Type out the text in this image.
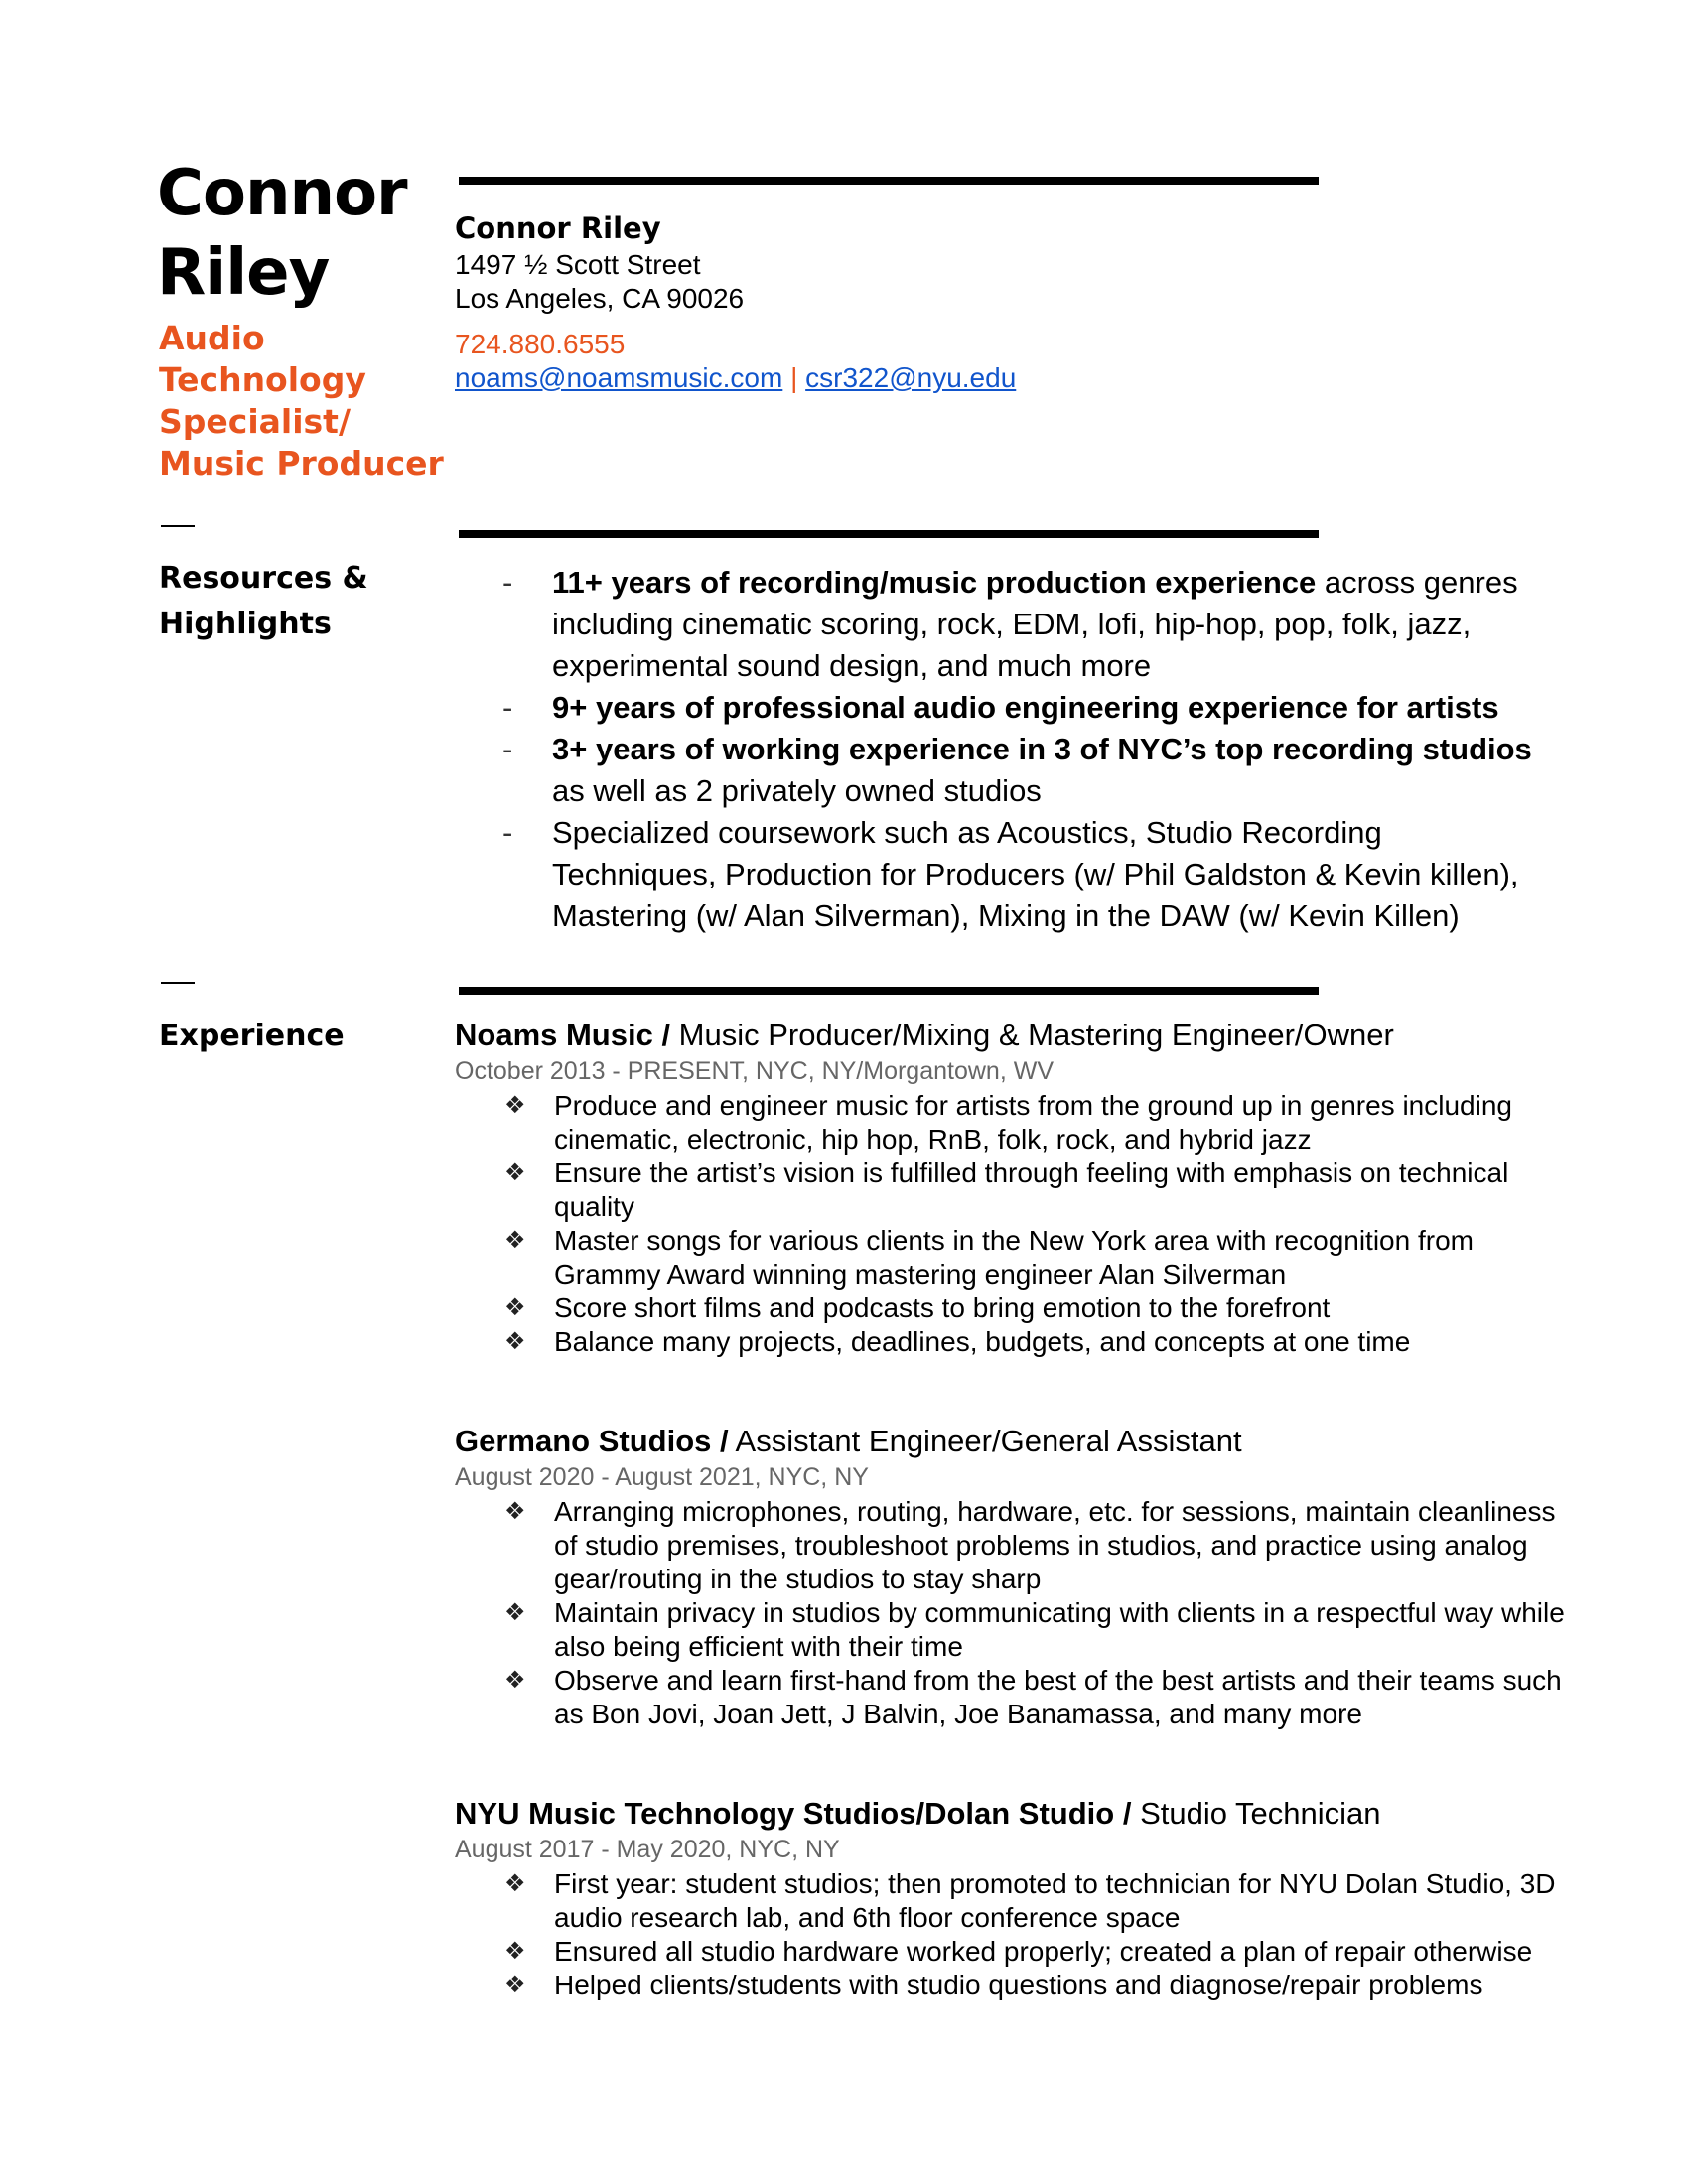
Connor
Riley
Audio
Technology
Specialist/
Music Producer
Connor Riley
1497 ½ Scott Street
Los Angeles, CA 90026
724.880.6555
noams@noamsmusic.com | csr322@nyu.edu
Resources &
Highlights
- 11+ years of recording/music production experience across genres including cinematic scoring, rock, EDM, lofi, hip-hop, pop, folk, jazz, experimental sound design, and much more
- 9+ years of professional audio engineering experience for artists
- 3+ years of working experience in 3 of NYC’s top recording studios as well as 2 privately owned studios
- Specialized coursework such as Acoustics, Studio Recording Techniques, Production for Producers (w/ Phil Galdston & Kevin killen), Mastering (w/ Alan Silverman), Mixing in the DAW (w/ Kevin Killen)
Experience	Noams Music / Music Producer/Mixing & Mastering Engineer/Owner
October 2013 - PRESENT, NYC, NY/Morgantown, WV
❖ Produce and engineer music for artists from the ground up in genres including cinematic, electronic, hip hop, RnB, folk, rock, and hybrid jazz
❖ Ensure the artist’s vision is fulfilled through feeling with emphasis on technical quality
❖ Master songs for various clients in the New York area with recognition from Grammy Award winning mastering engineer Alan Silverman
❖ Score short films and podcasts to bring emotion to the forefront
❖ Balance many projects, deadlines, budgets, and concepts at one time
Germano Studios / Assistant Engineer/General Assistant
August 2020 - August 2021, NYC, NY
❖ Arranging microphones, routing, hardware, etc. for sessions, maintain cleanliness of studio premises, troubleshoot problems in studios, and practice using analog gear/routing in the studios to stay sharp
❖ Maintain privacy in studios by communicating with clients in a respectful way while also being efficient with their time
❖ Observe and learn first-hand from the best of the best artists and their teams such as Bon Jovi, Joan Jett, J Balvin, Joe Banamassa, and many more
NYU Music Technology Studios/Dolan Studio / Studio Technician
August 2017 - May 2020, NYC, NY
❖ First year: student studios; then promoted to technician for NYU Dolan Studio, 3D audio research lab, and 6th floor conference space
❖ Ensured all studio hardware worked properly; created a plan of repair otherwise
❖ Helped clients/students with studio questions and diagnose/repair problems
